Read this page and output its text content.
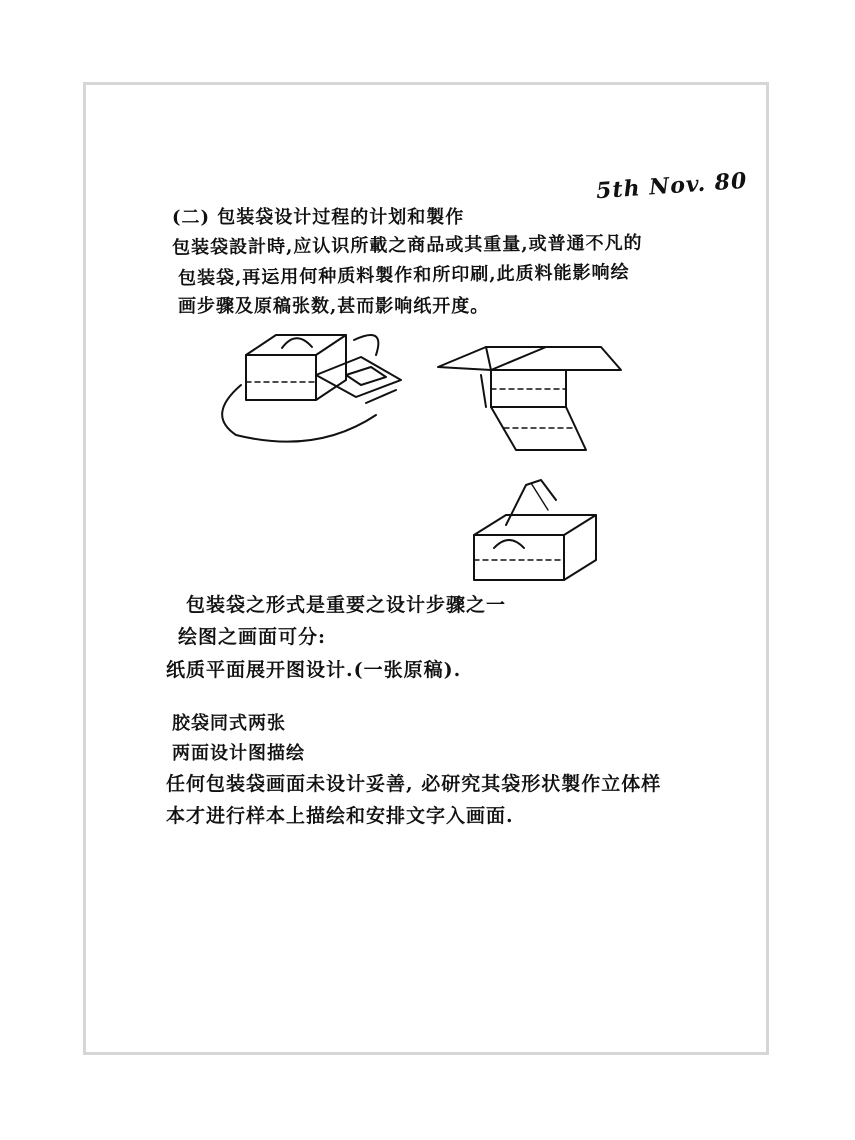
5th Nov. 80
(二) 包装袋设计过程的计划和製作
包装袋設計時,应认识所載之商品或其重量,或普通不凡的
包装袋,再运用何种质料製作和所印刷,此质料能影响绘
画步骤及原稿张数,甚而影响纸开度。
包装袋之形式是重要之设计步骤之一
绘图之画面可分:
纸质平面展开图设计.(一张原稿).
胶袋同式两张
两面设计图描绘
任何包装袋画面未设计妥善, 必研究其袋形状製作立体样
本才进行样本上描绘和安排文字入画面.
